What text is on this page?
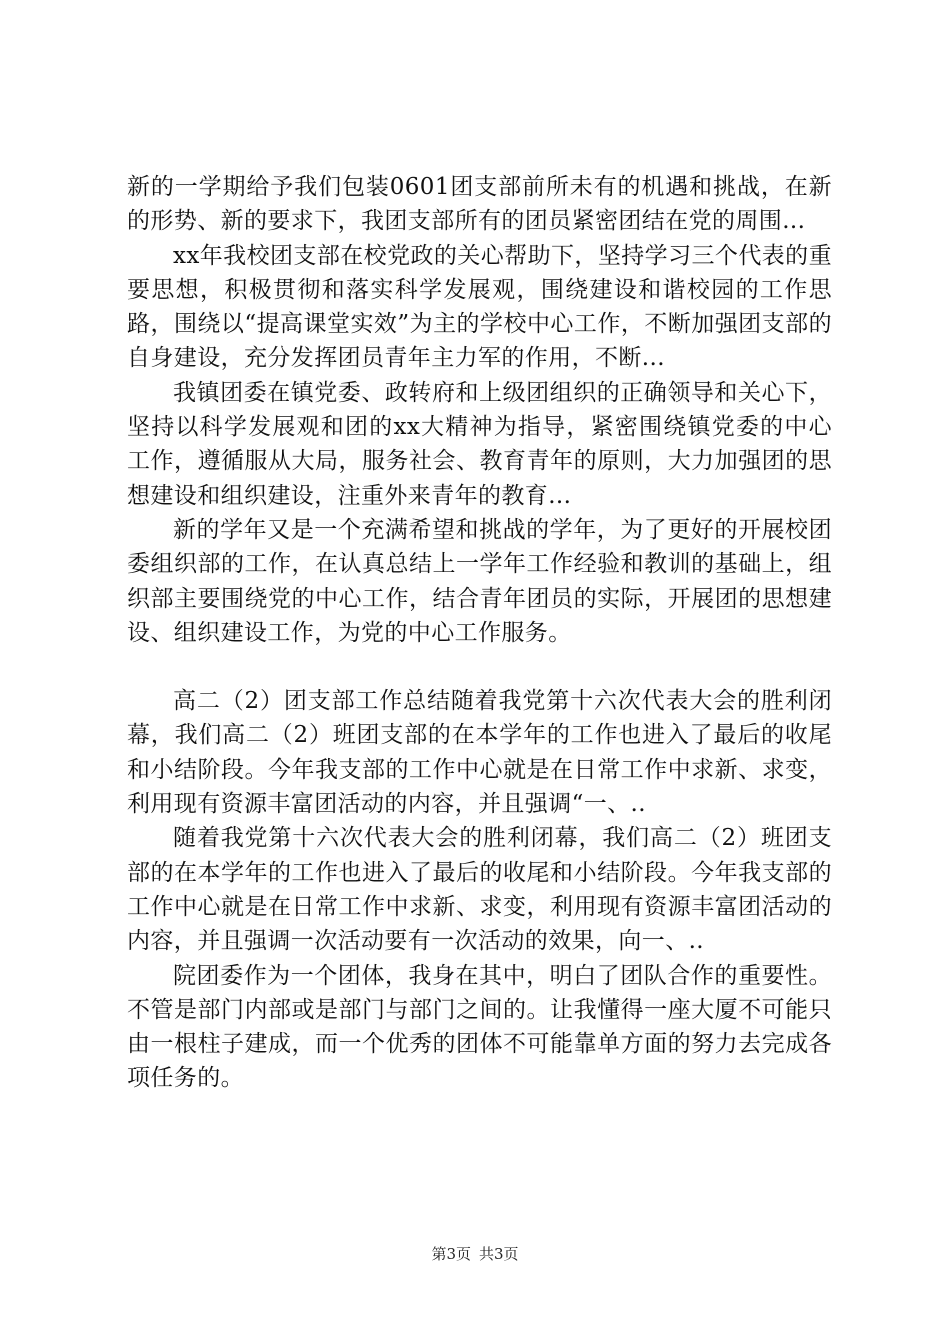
新的一学期给予我们包装0601团支部前所未有的机遇和挑战，在新的形势、新的要求下，我团支部所有的团员紧密团结在党的周围...

xx年我校团支部在校党政的关心帮助下，坚持学习三个代表的重要思想，积极贯彻和落实科学发展观，围绕建设和谐校园的工作思路，围绕以“提高课堂实效”为主的学校中心工作，不断加强团支部的自身建设，充分发挥团员青年主力军的作用，不断...

我镇团委在镇党委、政转府和上级团组织的正确领导和关心下，坚持以科学发展观和团的xx大精神为指导，紧密围绕镇党委的中心工作，遵循服从大局，服务社会、教育青年的原则，大力加强团的思想建设和组织建设，注重外来青年的教育...

新的学年又是一个充满希望和挑战的学年，为了更好的开展校团委组织部的工作，在认真总结上一学年工作经验和教训的基础上，组织部主要围绕党的中心工作，结合青年团员的实际，开展团的思想建设、组织建设工作，为党的中心工作服务。

高二（2）团支部工作总结随着我党第十六次代表大会的胜利闭幕，我们高二（2）班团支部的在本学年的工作也进入了最后的收尾和小结阶段。今年我支部的工作中心就是在日常工作中求新、求变，利用现有资源丰富团活动的内容，并且强调“一、..

随着我党第十六次代表大会的胜利闭幕，我们高二（2）班团支部的在本学年的工作也进入了最后的收尾和小结阶段。今年我支部的工作中心就是在日常工作中求新、求变，利用现有资源丰富团活动的内容，并且强调一次活动要有一次活动的效果，向一、..

院团委作为一个团体，我身在其中，明白了团队合作的重要性。不管是部门内部或是部门与部门之间的。让我懂得一座大厦不可能只由一根柱子建成，而一个优秀的团体不可能靠单方面的努力去完成各项任务的。

第3页 共3页
